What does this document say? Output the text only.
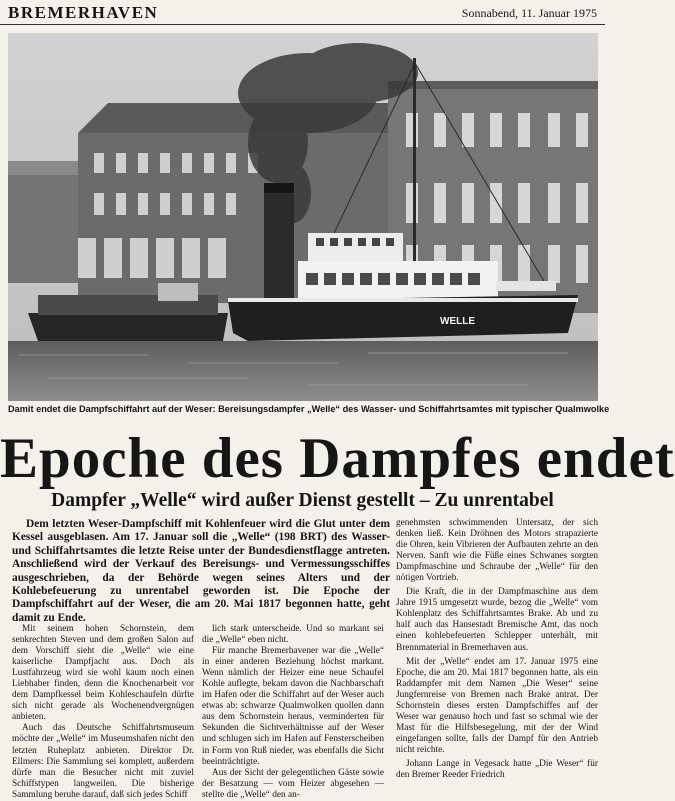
BREMERHAVEN	Sonnabend, 11. Januar 1975
WELLE
Damit endet die Dampfschiffahrt auf der Weser: Bereisungsdampfer „Welle“ des Wasser- und Schiffahrtsamtes mit typischer Qualmwolke
Epoche des Dampfes endet
Dampfer „Welle“ wird außer Dienst gestellt – Zu unrentabel

Dem letzten Weser-Dampfschiff mit Kohlenfeuer wird die Glut unter dem Kessel ausgeblasen. Am 17. Januar soll die „Welle“ (198 BRT) des Wasser- und Schiffahrtsamtes die letzte Reise unter der Bundesdienstflagge antreten. Anschließend wird der Verkauf des Bereisungs- und Vermessungsschiffes ausgeschrieben, da der Behörde wegen seines Alters und der Kohlebefeuerung zu unrentabel geworden ist. Die Epoche der Dampfschiffahrt auf der Weser, die am 20. Mai 1817 begonnen hatte, geht damit zu Ende.

Mit seinem hohen Schornstein, dem senkrechten Steven und dem großen Salon auf dem Vorschiff sieht die „Welle“ wie eine kaiserliche Dampfjacht aus. Doch als Lustfahrzeug wird sie wohl kaum noch einen Liebhaber finden, denn die Knochenarbeit vor dem Dampfkessel beim Kohleschaufeln dürfte sich nicht gerade als Wochenendvergnügen anbieten.

Auch das Deutsche Schiffahrtsmuseum möchte der „Welle“ im Museumshafen nicht den letzten Ruheplatz anbieten. Direktor Dr. Ellmers: Die Sammlung sei komplett, außerdem dürfe man die Besucher nicht mit zuviel Schiffstypen langweilen. Die bisherige Sammlung beruhe darauf, daß sich jedes Schiff

lich stark unterscheide. Und so markant sei die „Welle“ eben nicht.

Für manche Bremerhavener war die „Welle“ in einer anderen Beziehung höchst markant. Wenn nämlich der Heizer eine neue Schaufel Kohle auflegte, bekam davon die Nachbarschaft im Hafen oder die Schiffahrt auf der Weser auch etwas ab: schwarze Qualmwolken quollen dann aus dem Schornstein heraus, verminderten für Sekunden die Sichtverhältnisse auf der Weser und schlugen sich im Hafen auf Fensterscheiben in Form von Ruß nieder, was ebenfalls die Sicht beeinträchtigte.

Aus der Sicht der gelegentlichen Gäste sowie der Besatzung — vom Heizer abgesehen — stellte die „Welle“ den an-

genehmsten schwimmenden Untersatz, der sich denken ließ. Kein Dröhnen des Motors strapazierte die Ohren, kein Vibrieren der Aufbauten zehrte an den Nerven. Sanft wie die Füße eines Schwanes sorgten Dampfmaschine und Schraube der „Welle“ für den nötigen Vortrieb.

Die Kraft, die in der Dampfmaschine aus dem Jahre 1915 umgesetzt wurde, bezog die „Welle“ vom Kohlenplatz des Schiffahrtsamtes Brake. Ab und zu half auch das Hansestadt Bremische Amt, das noch einen kohlebefeuerten Schlepper unterhält, mit Brennmaterial in Bremerhaven aus.

Mit der „Welle“ endet am 17. Januar 1975 eine Epoche, die am 20. Mai 1817 begonnen hatte, als ein Raddampfer mit dem Namen „Die Weser“ seine Jungfernreise von Bremen nach Brake antrat. Der Schornstein dieses ersten Dampfschiffes auf der Weser war genauso hoch und fast so schmal wie der Mast für die Hilfsbesegelung, mit der der Wind eingefangen sollte, falls der Dampf für den Antrieb nicht reichte.

Johann Lange in Vegesack hatte „Die Weser“ für den Bremer Reeder Friedrich
